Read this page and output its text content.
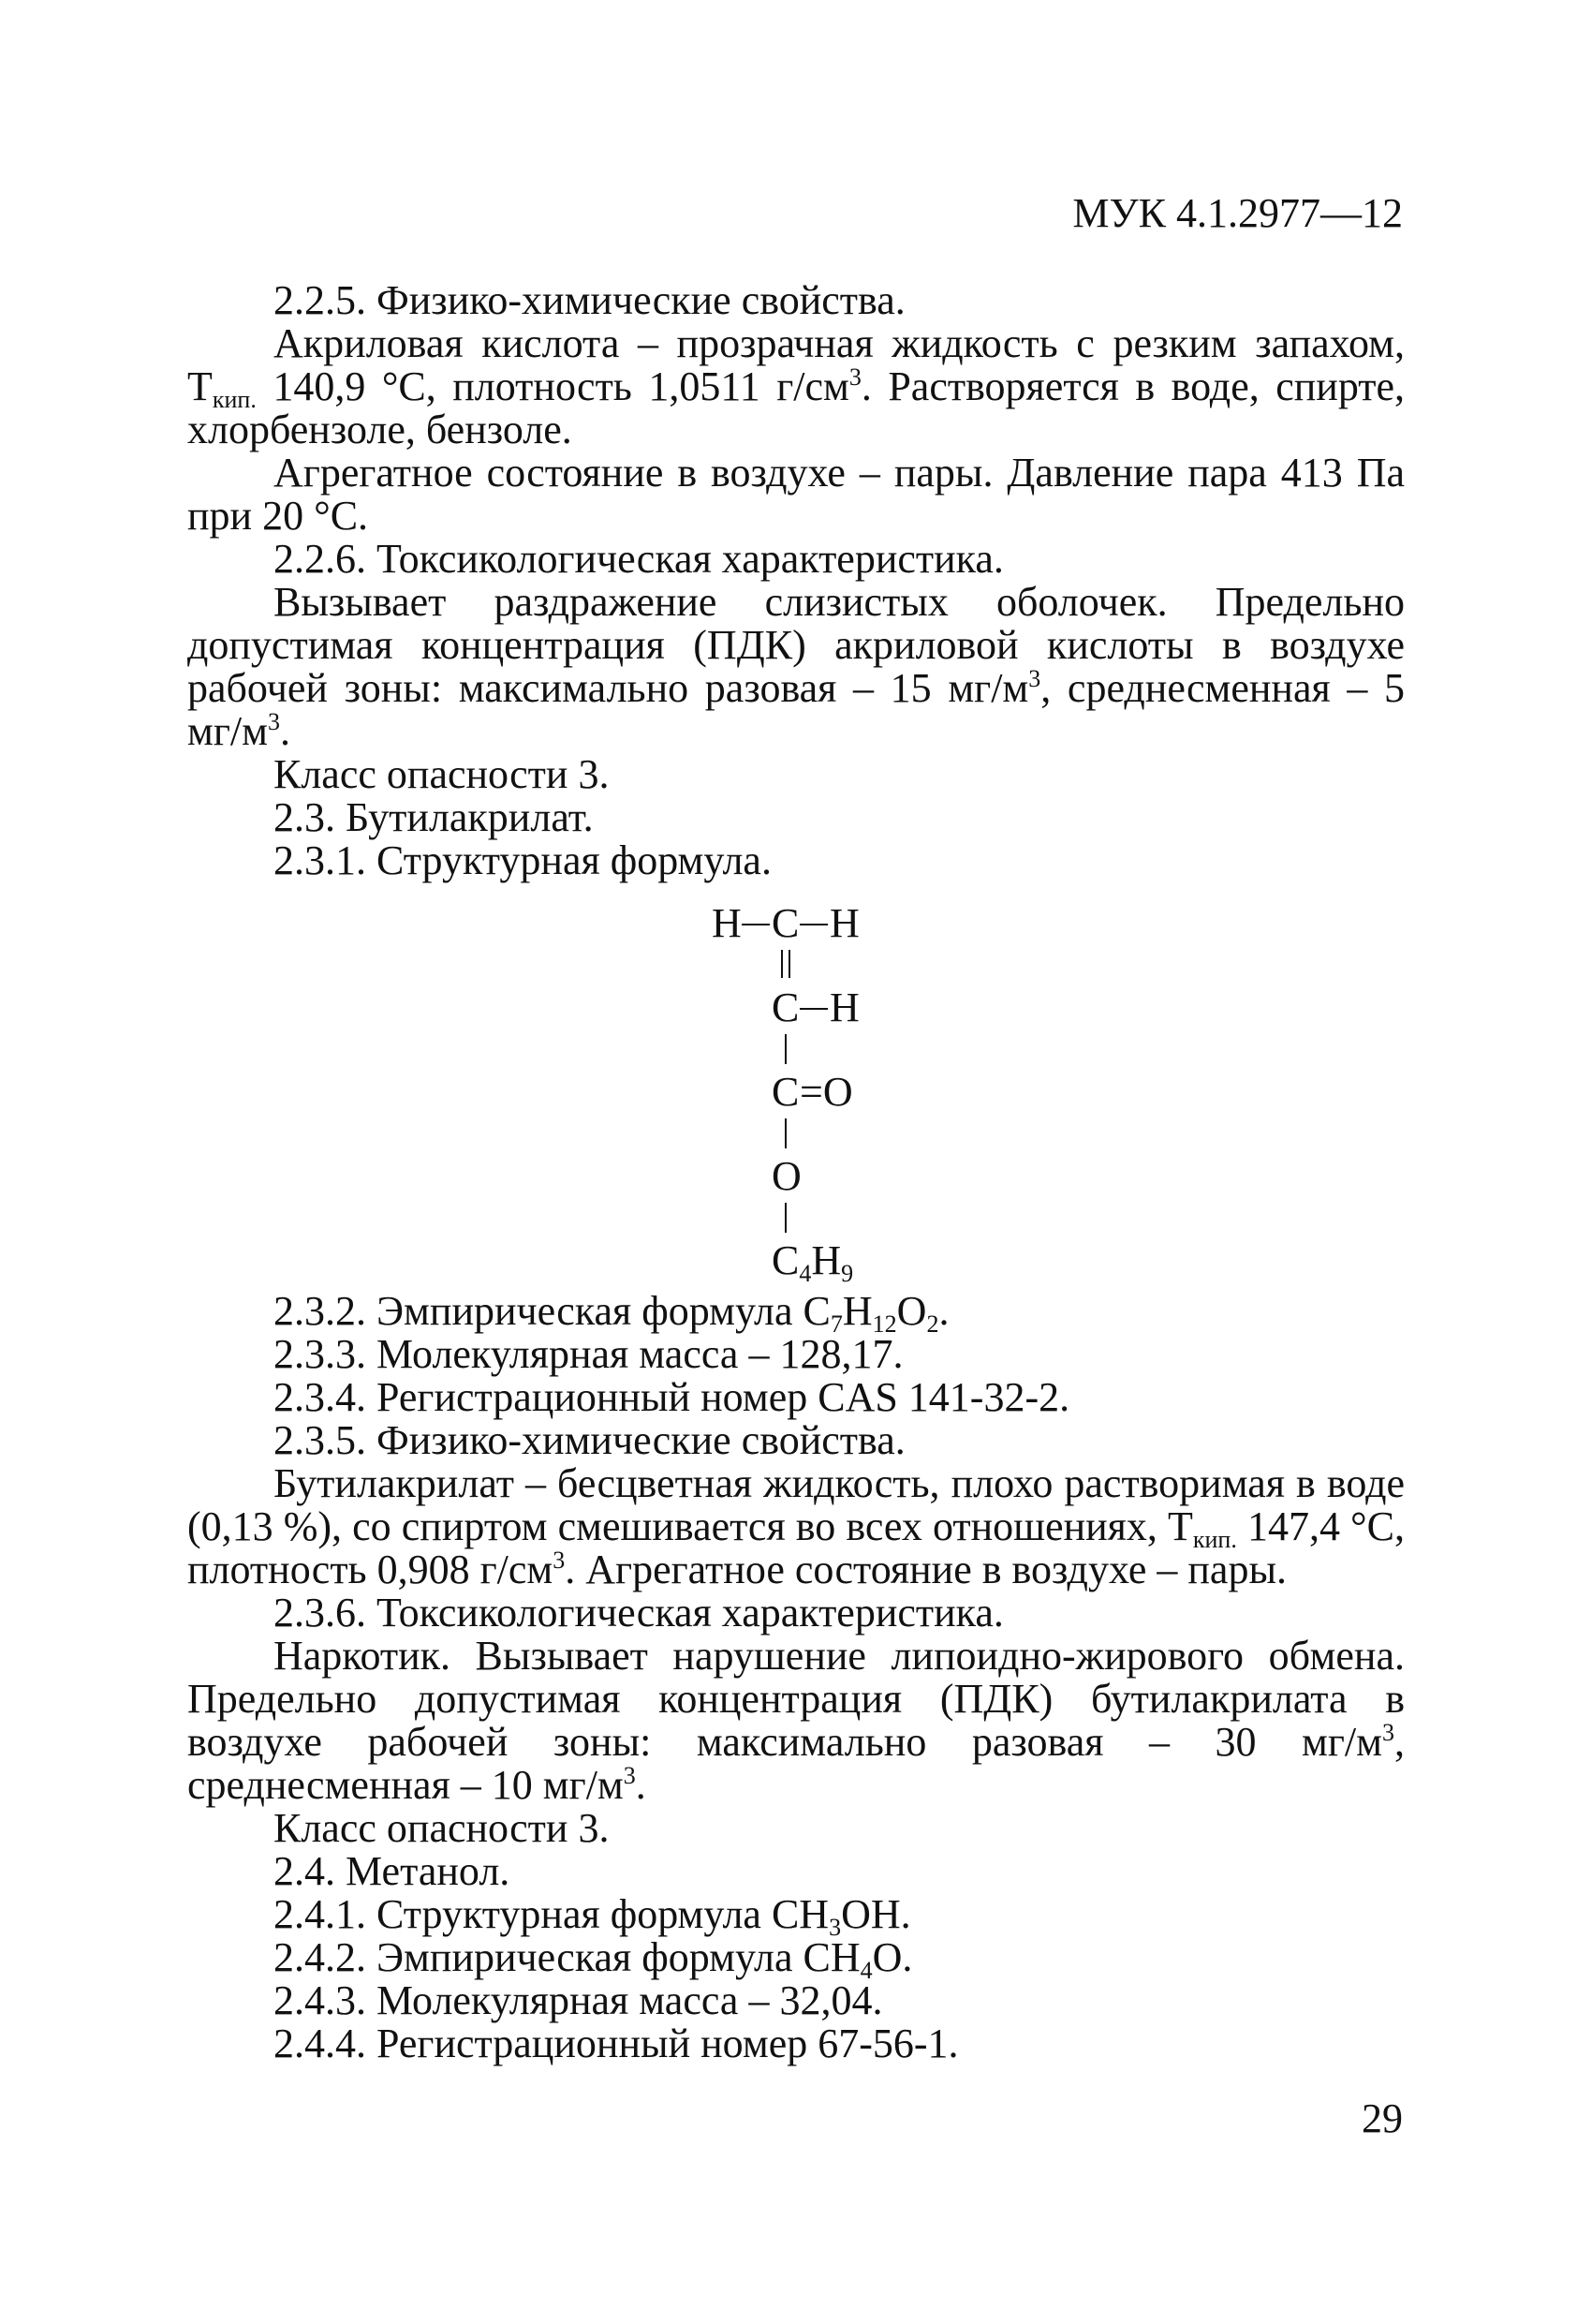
МУК 4.1.2977—12

2.2.5. Физико-химические свойства.

Акриловая кислота – прозрачная жидкость с резким запахом, $Т_{кип.}$ 140,9 °С, плотность 1,0511 $г/см^3$. Растворяется в воде, спирте, хлорбензоле, бензоле.

Агрегатное состояние в воздухе – пары. Давление пара 413 Па при 20 °С.

2.2.6. Токсикологическая характеристика.

Вызывает раздражение слизистых оболочек. Предельно допустимая концентрация (ПДК) акриловой кислоты в воздухе рабочей зоны: максимально разовая – 15 $мг/м^3$, среднесменная – 5 $мг/м^3$.

Класс опасности 3.

2.3. Бутилакрилат.

2.3.1. Структурная формула.

H C H
C H
C =O
O
$C_4H_9$

2.3.2. Эмпирическая формула $C_7H_{12}O_2$.

2.3.3. Молекулярная масса – 128,17.

2.3.4. Регистрационный номер CAS 141-32-2.

2.3.5. Физико-химические свойства.

Бутилакрилат – бесцветная жидкость, плохо растворимая в воде (0,13 %), со спиртом смешивается во всех отношениях, $Т_{кип.}$ 147,4 °С, плотность 0,908 $г/см^3$. Агрегатное состояние в воздухе – пары.

2.3.6. Токсикологическая характеристика.

Наркотик. Вызывает нарушение липоидно-жирового обмена. Предельно допустимая концентрация (ПДК) бутилакрилата в воздухе рабочей зоны: максимально разовая – 30 $мг/м^3$, среднесменная – 10 $мг/м^3$.

Класс опасности 3.

2.4. Метанол.

2.4.1. Структурная формула $CH_3OH$.

2.4.2. Эмпирическая формула $CH_4O$.

2.4.3. Молекулярная масса – 32,04.

2.4.4. Регистрационный номер 67-56-1.

29
